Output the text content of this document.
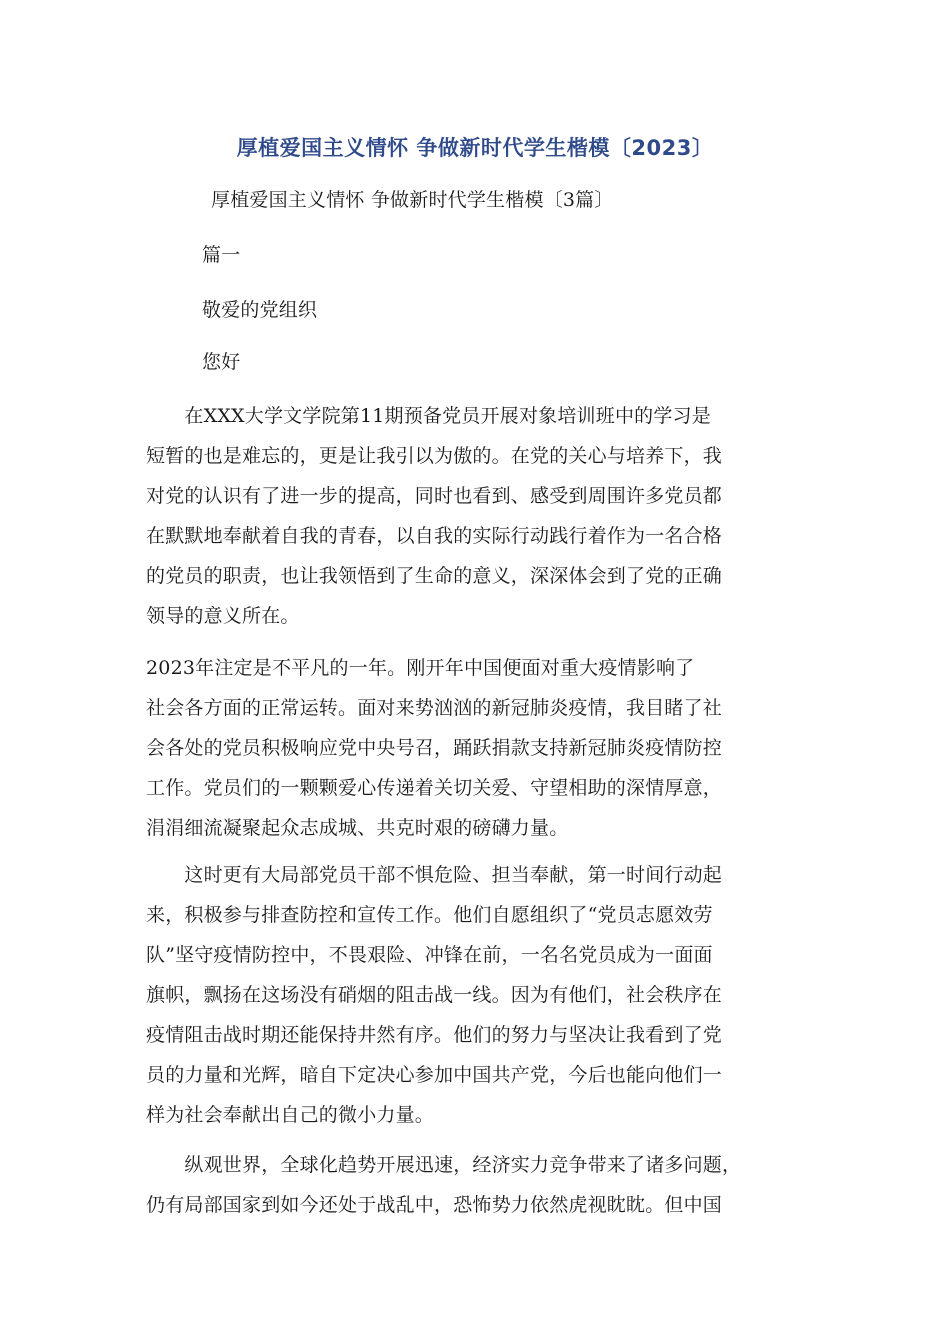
厚植爱国主义情怀 争做新时代学生楷模〔2023〕
厚植爱国主义情怀 争做新时代学生楷模〔3篇〕
篇一
敬爱的党组织
您好
　　在XXX大学文学院第11期预备党员开展对象培训班中的学习是
短暂的也是难忘的，更是让我引以为傲的。在党的关心与培养下，我
对党的认识有了进一步的提高，同时也看到、感受到周围许多党员都
在默默地奉献着自我的青春，以自我的实际行动践行着作为一名合格
的党员的职责，也让我领悟到了生命的意义，深深体会到了党的正确
领导的意义所在。
2023年注定是不平凡的一年。刚开年中国便面对重大疫情影响了
社会各方面的正常运转。面对来势汹汹的新冠肺炎疫情，我目睹了社
会各处的党员积极响应党中央号召，踊跃捐款支持新冠肺炎疫情防控
工作。党员们的一颗颗爱心传递着关切关爱、守望相助的深情厚意，
涓涓细流凝聚起众志成城、共克时艰的磅礴力量。
　　这时更有大局部党员干部不惧危险、担当奉献，第一时间行动起
来，积极参与排查防控和宣传工作。他们自愿组织了“党员志愿效劳
队”坚守疫情防控中，不畏艰险、冲锋在前，一名名党员成为一面面
旗帜，飘扬在这场没有硝烟的阻击战一线。因为有他们，社会秩序在
疫情阻击战时期还能保持井然有序。他们的努力与坚决让我看到了党
员的力量和光辉，暗自下定决心参加中国共产党，今后也能向他们一
样为社会奉献出自己的微小力量。
　　纵观世界，全球化趋势开展迅速，经济实力竞争带来了诸多问题，
仍有局部国家到如今还处于战乱中，恐怖势力依然虎视眈眈。但中国
